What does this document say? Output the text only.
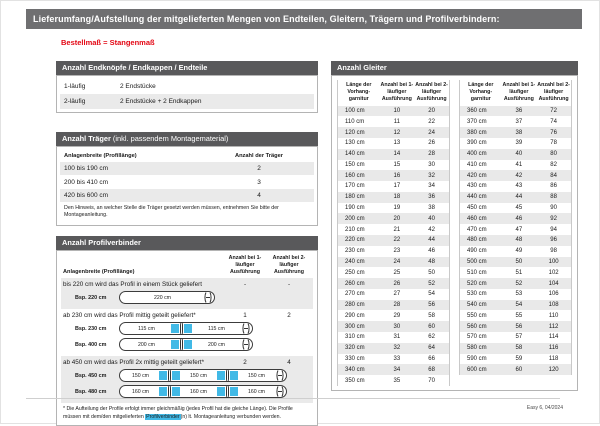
Lieferumfang/Aufstellung der mitgelieferten Mengen von Endteilen, Gleitern, Trägern und Profilverbindern:
Bestellmaß = Stangenmaß
Anzahl Endknöpfe / Endkappen / Endteile
1-läufig	2 Endstücke
2-läufig	2 Endstücke + 2 Endkappen
Anzahl Träger (inkl. passendem Montagematerial)
Anlagenbreite (Profillänge)	Anzahl der Träger
100 bis 190 cm	2
200 bis 410 cm	3
420 bis 600 cm	4
Den Hinweis, an welcher Stelle die Träger gesetzt werden müssen, entnehmen Sie bitte der Montageanleitung.
Anzahl Profilverbinder
Anlagenbreite (Profillänge)
Anzahl bei 1-läufiger Ausführung
Anzahl bei 2-läufiger Ausführung
bis 220 cm wird das Profil in einem Stück geliefert	-	-
Bsp. 220 cm	220 cm
ab 230 cm wird das Profil mittig geteilt geliefert*	1	2
Bsp. 230 cm	115 cm	115 cm
Bsp. 400 cm	200 cm	200 cm
ab 450 cm wird das Profil 2x mittig geteilt geliefert*	2	4
Bsp. 450 cm	150 cm	150 cm	150 cm
Bsp. 480 cm	160 cm	160 cm	160 cm
* Die Aufteilung der Profile erfolgt immer gleichmäßig (jedes Profil hat die gleiche Länge). Die Profile müssen mit dem/den mitgelieferten Profilverbinder(n) lt. Montageanleitung verbunden werden.
Anzahl Gleiter
Länge der Vorhang-garnitur	Anzahl bei 1-läufiger Ausführung	Anzahl bei 2-läufiger Ausführung
100 cm	10	20
110 cm	11	22
120 cm	12	24
130 cm	13	26
140 cm	14	28
150 cm	15	30
160 cm	16	32
170 cm	17	34
180 cm	18	36
190 cm	19	38
200 cm	20	40
210 cm	21	42
220 cm	22	44
230 cm	23	46
240 cm	24	48
250 cm	25	50
260 cm	26	52
270 cm	27	54
280 cm	28	56
290 cm	29	58
300 cm	30	60
310 cm	31	62
320 cm	32	64
330 cm	33	66
340 cm	34	68
350 cm	35	70
Länge der Vorhang-garnitur	Anzahl bei 1-läufiger Ausführung	Anzahl bei 2-läufiger Ausführung
360 cm	36	72
370 cm	37	74
380 cm	38	76
390 cm	39	78
400 cm	40	80
410 cm	41	82
420 cm	42	84
430 cm	43	86
440 cm	44	88
450 cm	45	90
460 cm	46	92
470 cm	47	94
480 cm	48	96
490 cm	49	98
500 cm	50	100
510 cm	51	102
520 cm	52	104
530 cm	53	106
540 cm	54	108
550 cm	55	110
560 cm	56	112
570 cm	57	114
580 cm	58	116
590 cm	59	118
600 cm	60	120
Easy 6, 04/2024
